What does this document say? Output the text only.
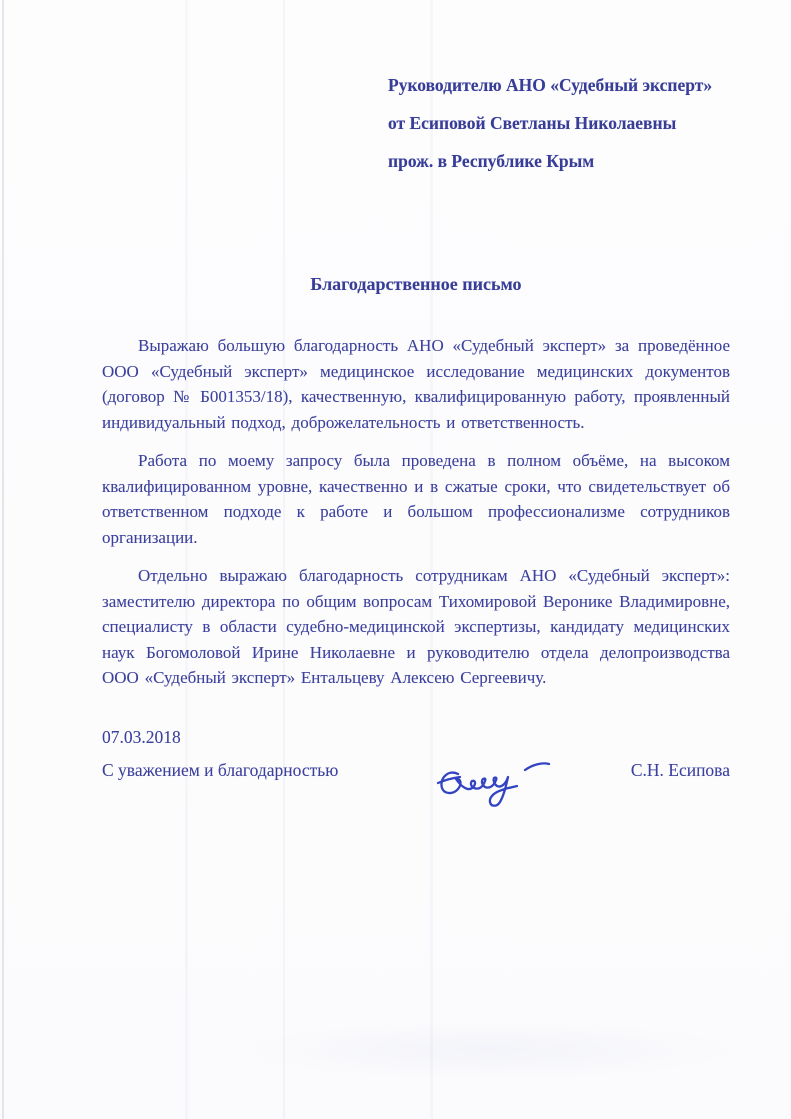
Руководителю АНО «Судебный эксперт»
от Есиповой Светланы Николаевны
прож. в Республике Крым
Благодарственное письмо

Выражаю большую благодарность АНО «Судебный эксперт» за проведённое ООО «Судебный эксперт» медицинское исследование медицинских документов (договор № Б001353/18), качественную, квалифицированную работу, проявленный индивидуальный подход, доброжелательность и ответственность.

Работа по моему запросу была проведена в полном объёме, на высоком квалифицированном уровне, качественно и в сжатые сроки, что свидетельствует об ответственном подходе к работе и большом профессионализме сотрудников организации.

Отдельно выражаю благодарность сотрудникам АНО «Судебный эксперт»: заместителю директора по общим вопросам Тихомировой Веронике Владимировне, специалисту в области судебно-медицинской экспертизы, кандидату медицинских наук Богомоловой Ирине Николаевне и руководителю отдела делопроизводства ООО «Судебный эксперт» Ентальцеву Алексею Сергеевичу.

07.03.2018
С уважением и благодарностью	С.Н. Есипова
